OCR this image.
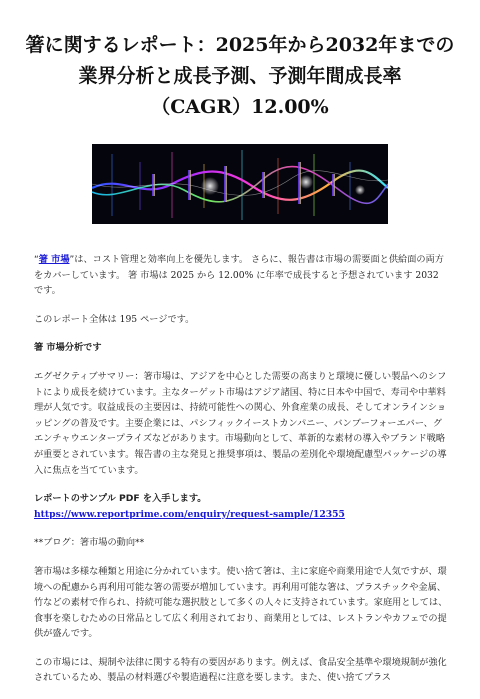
箸に関するレポート：2025年から2032年までの
業界分析と成長予測、予測年間成長率
（CAGR）12.00%

“箸 市場”は、コスト管理と効率向上を優先します。 さらに、報告書は市場の需要面と供給面の両方をカバーしています。 箸 市場は 2025 から 12.00% に年率で成長すると予想されています 2032 です。

このレポート全体は 195 ページです。

箸 市場分析です

エグゼクティブサマリー：箸市場は、アジアを中心とした需要の高まりと環境に優しい製品へのシフトにより成長を続けています。主なターゲット市場はアジア諸国、特に日本や中国で、寿司や中華料理が人気です。収益成長の主要因は、持続可能性への関心、外食産業の成長、そしてオンラインショッピングの普及です。主要企業には、パシフィックイーストカンパニー、バンブーフォーエバー、グエンチャウエンタープライズなどがあります。市場動向として、革新的な素材の導入やブランド戦略が重要とされています。報告書の主な発見と推奨事項は、製品の差別化や環境配慮型パッケージの導入に焦点を当てています。

レポートのサンプル PDF を入手します。 https://www.reportprime.com/enquiry/request-sample/12355

**ブログ：箸市場の動向**

箸市場は多様な種類と用途に分かれています。使い捨て箸は、主に家庭や商業用途で人気ですが、環境への配慮から再利用可能な箸の需要が増加しています。再利用可能な箸は、プラスチックや金属、竹などの素材で作られ、持続可能な選択肢として多くの人々に支持されています。家庭用としては、食事を楽しむための日常品として広く利用されており、商業用としては、レストランやカフェでの提供が盛んです。

この市場には、規制や法律に関する特有の要因があります。例えば、食品安全基準や環境規制が強化されているため、製品の材料選びや製造過程に注意を要します。また、使い捨てプラス
